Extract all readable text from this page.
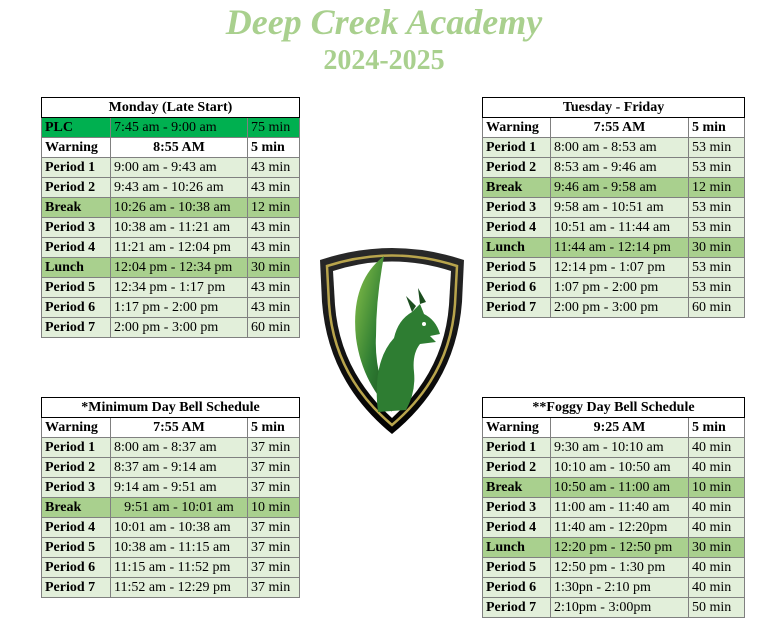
Deep Creek Academy
2024-2025
Monday (Late Start)		
PLC	7:45 am - 9:00 am	75 min
Warning	8:55 AM	5 min
Period 1	9:00 am - 9:43 am	43 min
Period 2	9:43 am - 10:26 am	43 min
Break	10:26 am - 10:38 am	12 min
Period 3	10:38 am - 11:21 am	43 min
Period 4	11:21 am - 12:04 pm	43 min
Lunch	12:04 pm - 12:34 pm	30 min
Period 5	12:34 pm - 1:17 pm	43 min
Period 6	1:17 pm - 2:00 pm	43 min
Period 7	2:00 pm - 3:00 pm	60 min
Tuesday - Friday		
Warning	7:55 AM	5 min
Period 1	8:00 am - 8:53 am	53 min
Period 2	8:53 am - 9:46 am	53 min
Break	9:46 am - 9:58 am	12 min
Period 3	9:58 am - 10:51 am	53 min
Period 4	10:51 am - 11:44 am	53 min
Lunch	11:44 am - 12:14 pm	30 min
Period 5	12:14 pm - 1:07 pm	53 min
Period 6	1:07 pm - 2:00 pm	53 min
Period 7	2:00 pm - 3:00 pm	60 min
*Minimum Day Bell Schedule		
Warning	7:55 AM	5 min
Period 1	8:00 am - 8:37 am	37 min
Period 2	8:37 am - 9:14 am	37 min
Period 3	9:14 am - 9:51 am	37 min
Break	9:51 am - 10:01 am	10 min
Period 4	10:01 am - 10:38 am	37 min
Period 5	10:38 am - 11:15 am	37 min
Period 6	11:15 am - 11:52 pm	37 min
Period 7	11:52 am - 12:29 pm	37 min
**Foggy Day Bell Schedule		
Warning	9:25 AM	5 min
Period 1	9:30 am - 10:10 am	40 min
Period 2	10:10 am - 10:50 am	40 min
Break	10:50 am - 11:00 am	10 min
Period 3	11:00 am - 11:40 am	40 min
Period 4	11:40 am - 12:20pm	40 min
Lunch	12:20 pm - 12:50 pm	30 min
Period 5	12:50 pm - 1:30 pm	40 min
Period 6	1:30pn - 2:10 pm	40 min
Period 7	2:10pm - 3:00pm	50 min
